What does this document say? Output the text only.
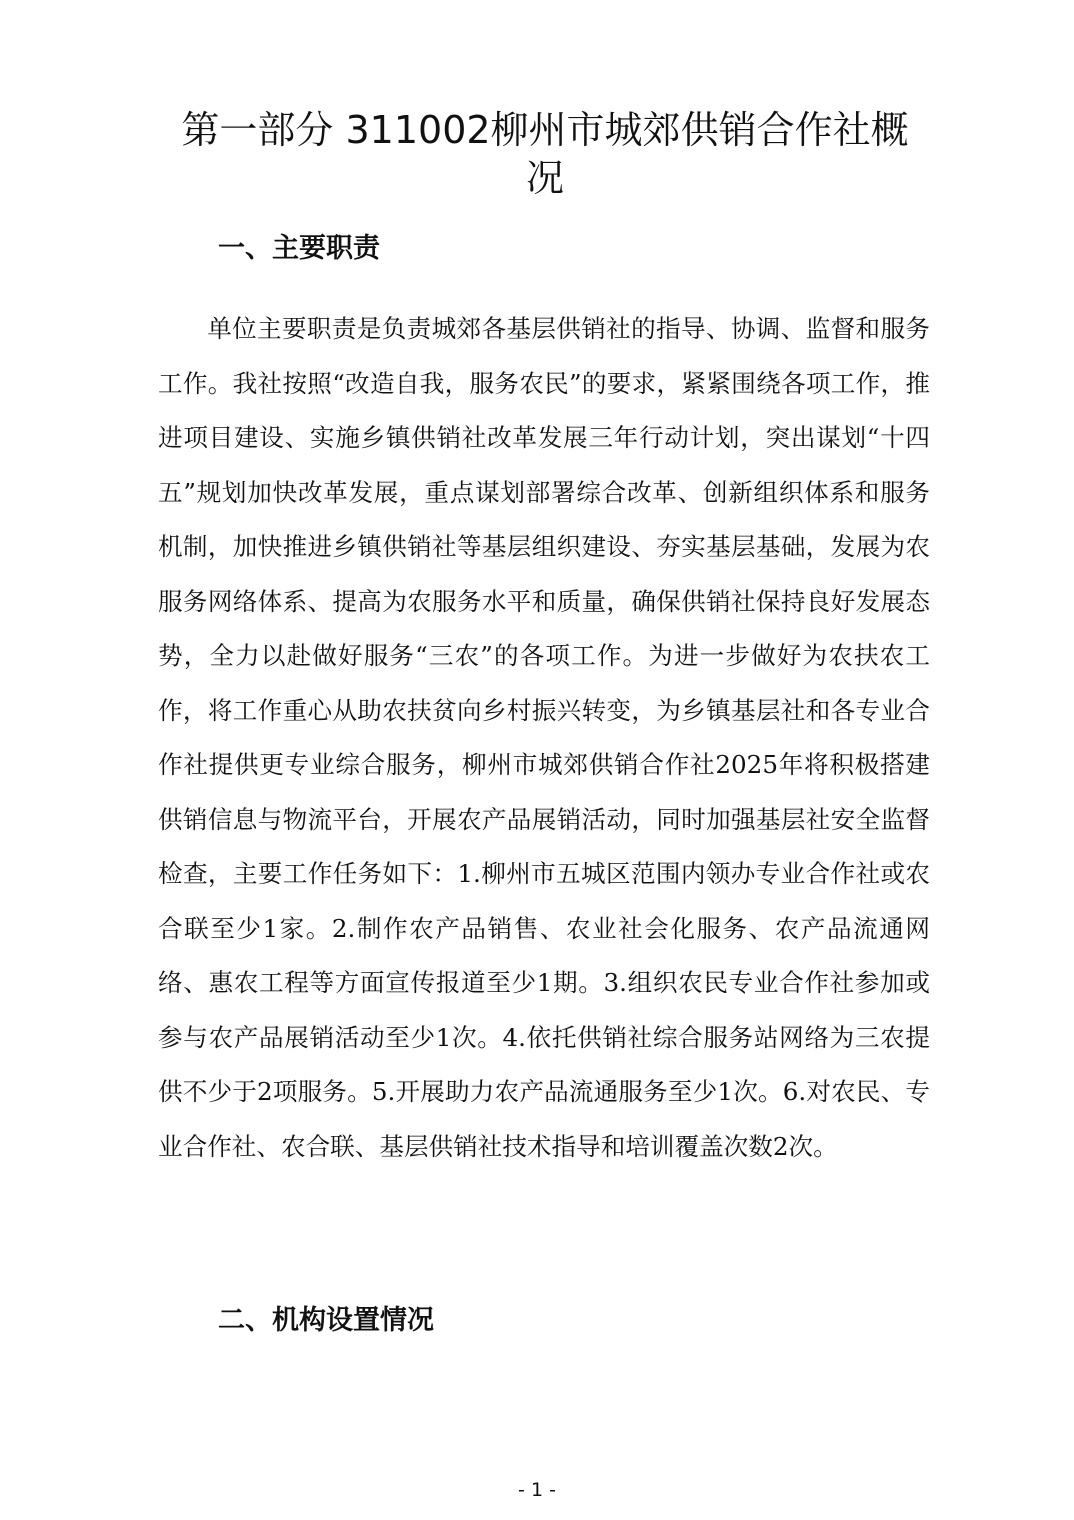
第一部分 311002柳州市城郊供销合作社概况
一、主要职责

单位主要职责是负责城郊各基层供销社的指导、协调、监督和服务工作。我社按照“改造自我，服务农民”的要求，紧紧围绕各项工作，推进项目建设、实施乡镇供销社改革发展三年行动计划，突出谋划“十四五”规划加快改革发展，重点谋划部署综合改革、创新组织体系和服务机制，加快推进乡镇供销社等基层组织建设、夯实基层基础，发展为农服务网络体系、提高为农服务水平和质量，确保供销社保持良好发展态势，全力以赴做好服务“三农”的各项工作。为进一步做好为农扶农工作，将工作重心从助农扶贫向乡村振兴转变，为乡镇基层社和各专业合作社提供更专业综合服务，柳州市城郊供销合作社2025年将积极搭建供销信息与物流平台，开展农产品展销活动，同时加强基层社安全监督检查，主要工作任务如下：1.柳州市五城区范围内领办专业合作社或农合联至少1家。2.制作农产品销售、农业社会化服务、农产品流通网络、惠农工程等方面宣传报道至少1期。3.组织农民专业合作社参加或参与农产品展销活动至少1次。4.依托供销社综合服务站网络为三农提供不少于2项服务。5.开展助力农产品流通服务至少1次。6.对农民、专业合作社、农合联、基层供销社技术指导和培训覆盖次数2次。

二、机构设置情况
- 1 -
